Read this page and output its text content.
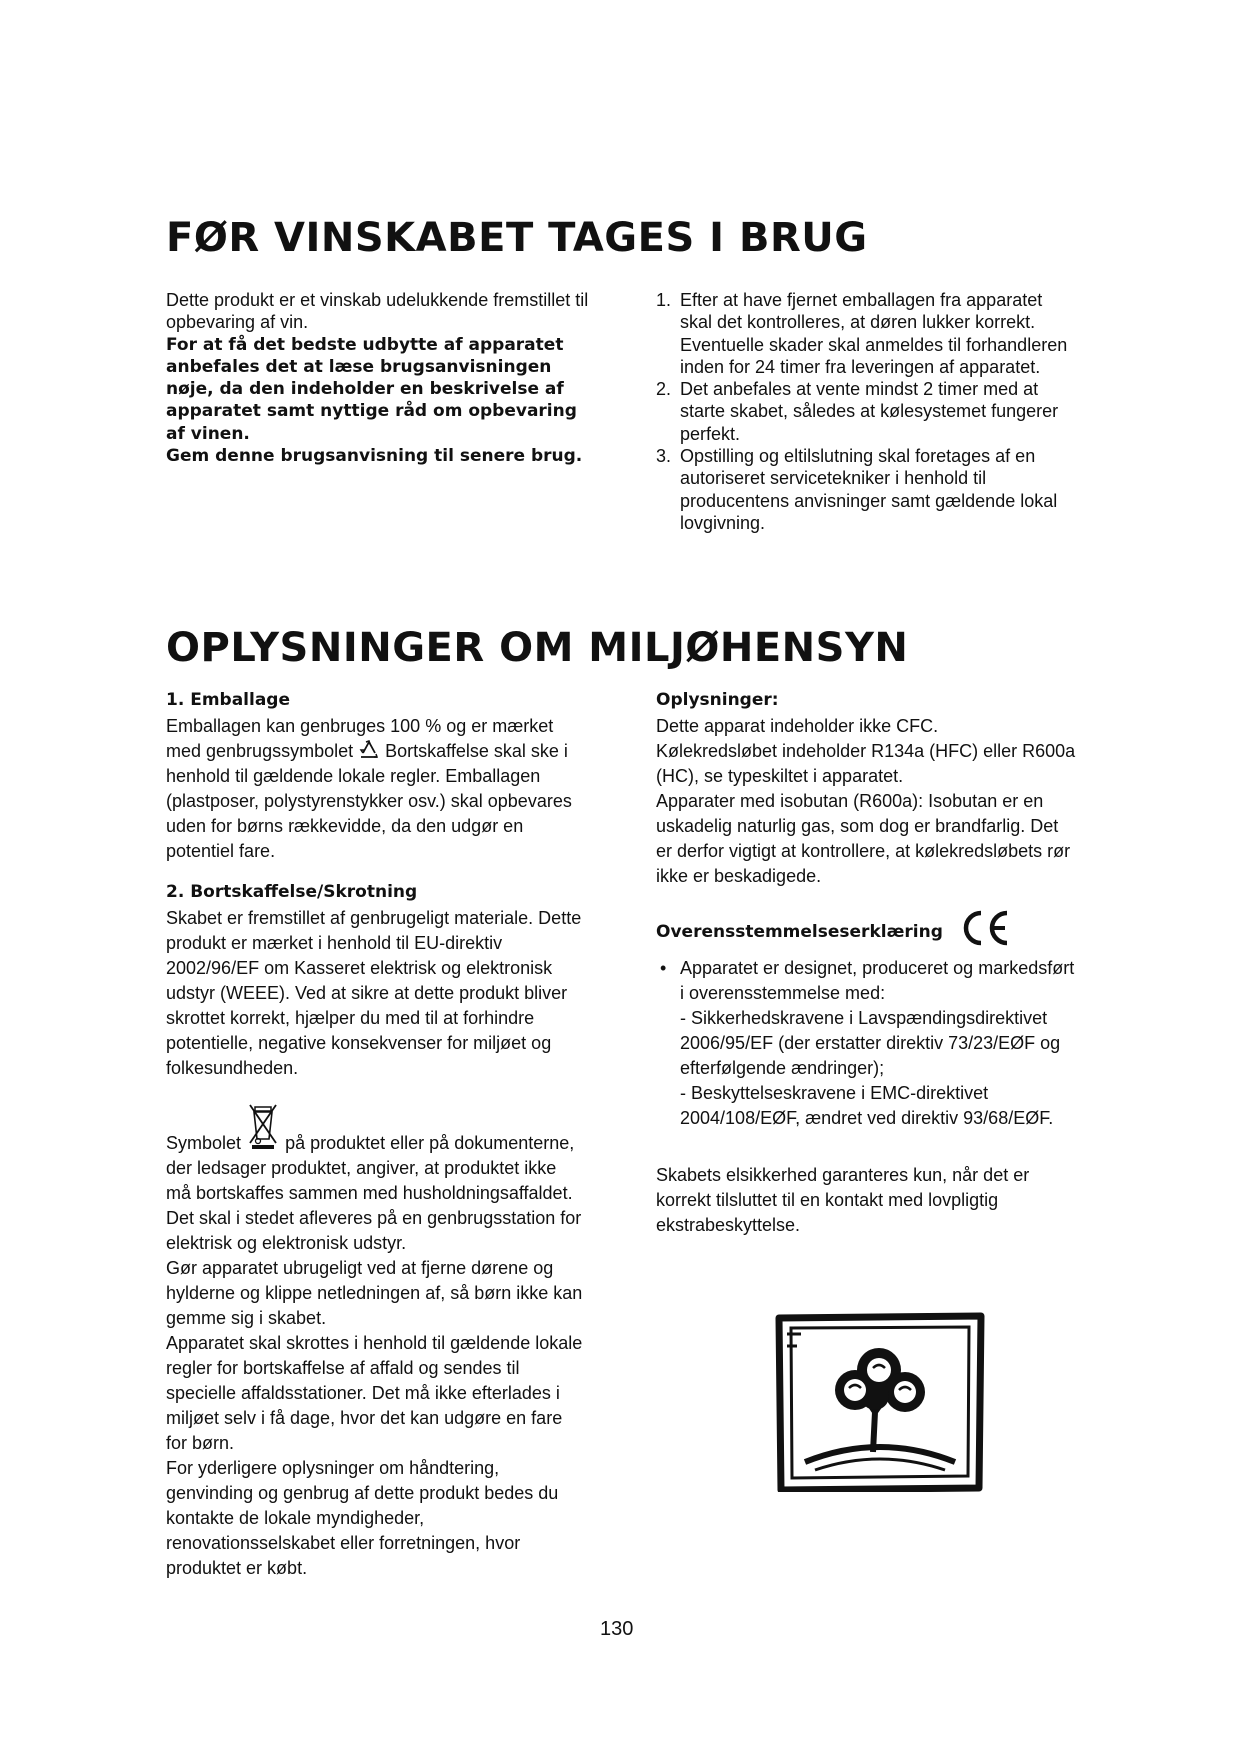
FØR VINSKABET TAGES I BRUG

Dette produkt er et vinskab udelukkende fremstillet til opbevaring af vin.

For at få det bedste udbytte af apparatet anbefales det at læse brugsanvisningen nøje, da den indeholder en beskrivelse af apparatet samt nyttige råd om opbevaring af vinen.

Gem denne brugsanvisning til senere brug.

1. Efter at have fjernet emballagen fra apparatet skal det kontrolleres, at døren lukker korrekt. Eventuelle skader skal anmeldes til forhandleren inden for 24 timer fra leveringen af apparatet.
2. Det anbefales at vente mindst 2 timer med at starte skabet, således at kølesystemet fungerer perfekt.
3. Opstilling og eltilslutning skal foretages af en autoriseret servicetekniker i henhold til producentens anvisninger samt gældende lokal lovgivning.
OPLYSNINGER OM MILJØHENSYN

1. Emballage

Emballagen kan genbruges 100 % og er mærket med genbrugssymbolet Bortskaffelse skal ske i henhold til gældende lokale regler. Emballagen (plastposer, polystyrenstykker osv.) skal opbevares uden for børns rækkevidde, da den udgør en potentiel fare.

2. Bortskaffelse/Skrotning

Skabet er fremstillet af genbrugeligt materiale. Dette produkt er mærket i henhold til EU-direktiv 2002/96/EF om Kasseret elektrisk og elektronisk udstyr (WEEE). Ved at sikre at dette produkt bliver skrottet korrekt, hjælper du med til at forhindre potentielle, negative konsekvenser for miljøet og folkesundheden.

Symbolet på produktet eller på dokumenterne, der ledsager produktet, angiver, at produktet ikke må bortskaffes sammen med husholdningsaffaldet. Det skal i stedet afleveres på en genbrugsstation for elektrisk og elektronisk udstyr.

Gør apparatet ubrugeligt ved at fjerne dørene og hylderne og klippe netledningen af, så børn ikke kan gemme sig i skabet.

Apparatet skal skrottes i henhold til gældende lokale regler for bortskaffelse af affald og sendes til specielle affaldsstationer. Det må ikke efterlades i miljøet selv i få dage, hvor det kan udgøre en fare for børn.

For yderligere oplysninger om håndtering, genvinding og genbrug af dette produkt bedes du kontakte de lokale myndigheder, renovationsselskabet eller forretningen, hvor produktet er købt.

Oplysninger:

Dette apparat indeholder ikke CFC.

Kølekredsløbet indeholder R134a (HFC) eller R600a (HC), se typeskiltet i apparatet.

Apparater med isobutan (R600a): Isobutan er en uskadelig naturlig gas, som dog er brandfarlig. Det er derfor vigtigt at kontrollere, at kølekredsløbets rør ikke er beskadigede.

Overensstemmelseserklæring

• Apparatet er designet, produceret og markedsført i overensstemmelse med:

- Sikkerhedskravene i Lavspændingsdirektivet 2006/95/EF (der erstatter direktiv 73/23/EØF og efterfølgende ændringer);

- Beskyttelseskravene i EMC-direktivet 2004/108/EØF, ændret ved direktiv 93/68/EØF.

Skabets elsikkerhed garanteres kun, når det er korrekt tilsluttet til en kontakt med lovpligtig ekstrabeskyttelse.

130
